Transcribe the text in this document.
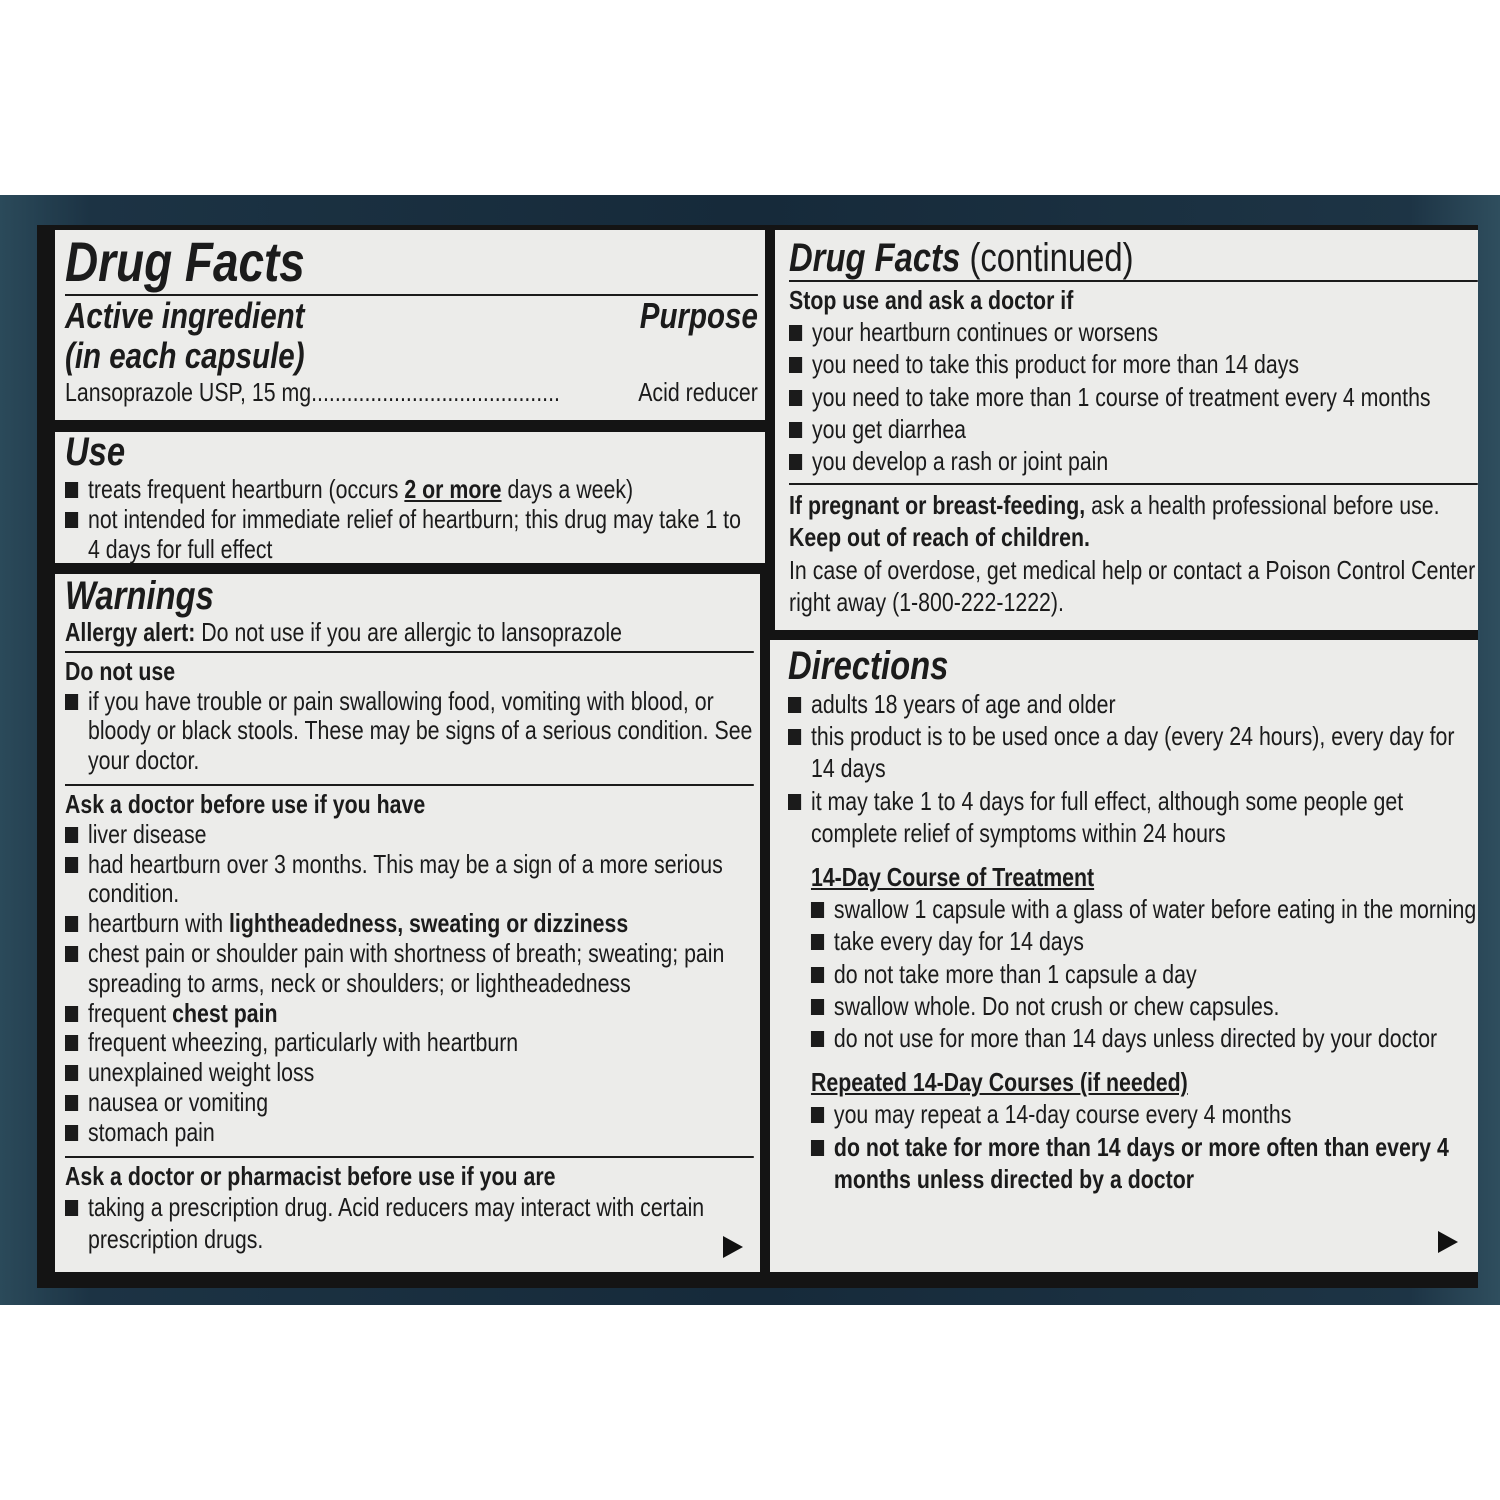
Drug Facts
Active ingredient
(in each capsule)
Purpose
Lansoprazole USP, 15 mg ..........................................	Acid reducer
Use
treats frequent heartburn (occurs 2 or more days a week)
not intended for immediate relief of heartburn; this drug may take 1 to 4 days for full effect
Warnings
Allergy alert: Do not use if you are allergic to lansoprazole
Do not use
if you have trouble or pain swallowing food, vomiting with blood, or bloody or black stools. These may be signs of a serious condition. See your doctor.
Ask a doctor before use if you have
liver disease
had heartburn over 3 months. This may be a sign of a more serious condition.
heartburn with lightheadedness, sweating or dizziness
chest pain or shoulder pain with shortness of breath; sweating; pain spreading to arms, neck or shoulders; or lightheadedness
frequent chest pain
frequent wheezing, particularly with heartburn
unexplained weight loss
nausea or vomiting
stomach pain
Ask a doctor or pharmacist before use if you are
taking a prescription drug. Acid reducers may interact with certain prescription drugs.
Drug Facts (continued)
Stop use and ask a doctor if
your heartburn continues or worsens
you need to take this product for more than 14 days
you need to take more than 1 course of treatment every 4 months
you get diarrhea
you develop a rash or joint pain
If pregnant or breast-feeding, ask a health professional before use.
Keep out of reach of children.
In case of overdose, get medical help or contact a Poison Control Center right away (1-800-222-1222).
Directions
adults 18 years of age and older
this product is to be used once a day (every 24 hours), every day for 14 days
it may take 1 to 4 days for full effect, although some people get complete relief of symptoms within 24 hours
14-Day Course of Treatment
swallow 1 capsule with a glass of water before eating in the morning
take every day for 14 days
do not take more than 1 capsule a day
swallow whole. Do not crush or chew capsules.
do not use for more than 14 days unless directed by your doctor
Repeated 14-Day Courses (if needed)
you may repeat a 14-day course every 4 months
do not take for more than 14 days or more often than every 4 months unless directed by a doctor
